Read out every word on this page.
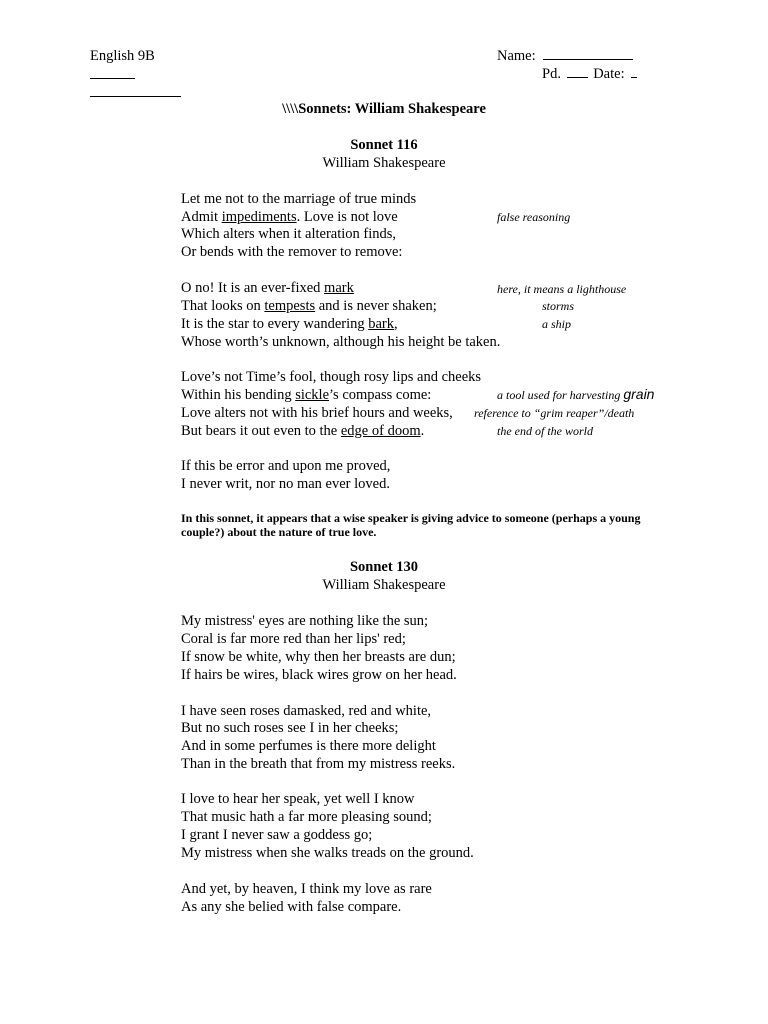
English 9B	Name:
Pd. Date:
\\\\Sonnets: William Shakespeare
Sonnet 116
William Shakespeare
Let me not to the marriage of true minds
Admit impediments. Love is not love
Which alters when it alteration finds,
Or bends with the remover to remove:
O no! It is an ever-fixed mark
That looks on tempests and is never shaken;
It is the star to every wandering bark,
Whose worth’s unknown, although his height be taken.
Love’s not Time’s fool, though rosy lips and cheeks
Within his bending sickle’s compass come:
Love alters not with his brief hours and weeks,
But bears it out even to the edge of doom.
If this be error and upon me proved,
I never writ, nor no man ever loved.
false reasoning
here, it means a lighthouse
storms
a ship
a tool used for harvesting grain
reference to “grim reaper”/death
the end of the world
In this sonnet, it appears that a wise speaker is giving advice to someone (perhaps a young couple?) about the nature of true love.
Sonnet 130
William Shakespeare
My mistress' eyes are nothing like the sun;
Coral is far more red than her lips' red;
If snow be white, why then her breasts are dun;
If hairs be wires, black wires grow on her head.
I have seen roses damasked, red and white,
But no such roses see I in her cheeks;
And in some perfumes is there more delight
Than in the breath that from my mistress reeks.
I love to hear her speak, yet well I know
That music hath a far more pleasing sound;
I grant I never saw a goddess go;
My mistress when she walks treads on the ground.
And yet, by heaven, I think my love as rare
As any she belied with false compare.
